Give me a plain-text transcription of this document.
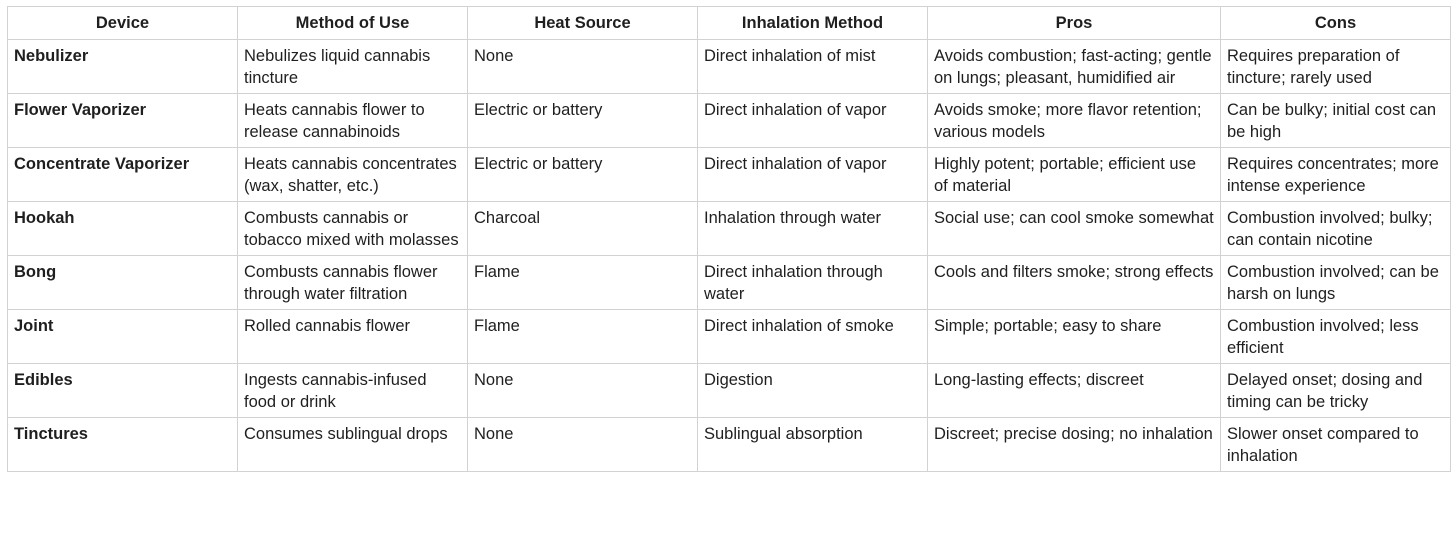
Device	Method of Use	Heat Source	Inhalation Method	Pros	Cons
Nebulizer	Nebulizes liquid cannabis tincture	None	Direct inhalation of mist	Avoids combustion; fast-acting; gentle on lungs; pleasant, humidified air	Requires preparation of tincture; rarely used
Flower Vaporizer	Heats cannabis flower to release cannabinoids	Electric or battery	Direct inhalation of vapor	Avoids smoke; more flavor retention; various models	Can be bulky; initial cost can be high
Concentrate Vaporizer	Heats cannabis concentrates (wax, shatter, etc.)	Electric or battery	Direct inhalation of vapor	Highly potent; portable; efficient use of material	Requires concentrates; more intense experience
Hookah	Combusts cannabis or tobacco mixed with molasses	Charcoal	Inhalation through water	Social use; can cool smoke somewhat	Combustion involved; bulky; can contain nicotine
Bong	Combusts cannabis flower through water filtration	Flame	Direct inhalation through water	Cools and filters smoke; strong effects	Combustion involved; can be harsh on lungs
Joint	Rolled cannabis flower	Flame	Direct inhalation of smoke	Simple; portable; easy to share	Combustion involved; less efficient
Edibles	Ingests cannabis-infused food or drink	None	Digestion	Long-lasting effects; discreet	Delayed onset; dosing and timing can be tricky
Tinctures	Consumes sublingual drops	None	Sublingual absorption	Discreet; precise dosing; no inhalation	Slower onset compared to inhalation
